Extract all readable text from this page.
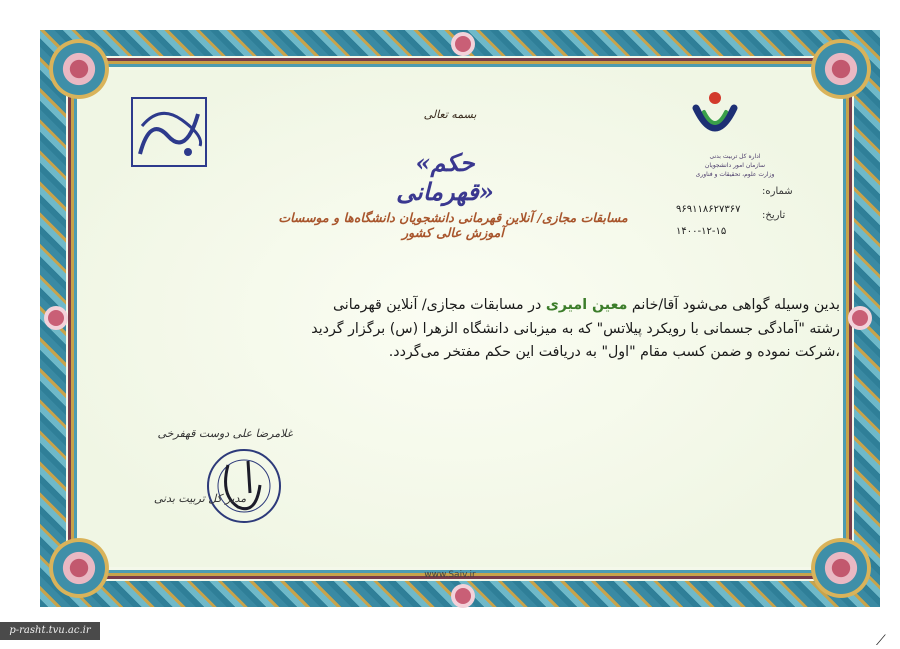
اداره کل تربیت بدنی
سازمان امور دانشجویان
وزارت علوم، تحقیقات و فناوری
بسمه تعالی
«حکم قهرمانی»
مسابقات مجازی/ آنلاین قهرمانی دانشجویان دانشگاه‌ها و موسسات آموزش عالی کشور
شماره:
۹۶۹۱۱۸۶۲۷۳۶۷
تاریخ:
۱۴۰۰-۱۲-۱۵
بدین وسیله گواهی می‌شود آقا/خانم معین امیری در مسابقات مجازی/ آنلاین قهرمانی رشته "آمادگی جسمانی با رویکرد پیلاتس" که به میزبانی دانشگاه الزهرا (س) برگزار گردید ،شرکت نموده و ضمن کسب مقام "اول" به دریافت این حکم مفتخر می‌گردد.
غلامرضا علی دوست قهفرخی
مدیر کل تربیت بدنی
www.Saiv.ir
p-rasht.tvu.ac.ir
⟋
